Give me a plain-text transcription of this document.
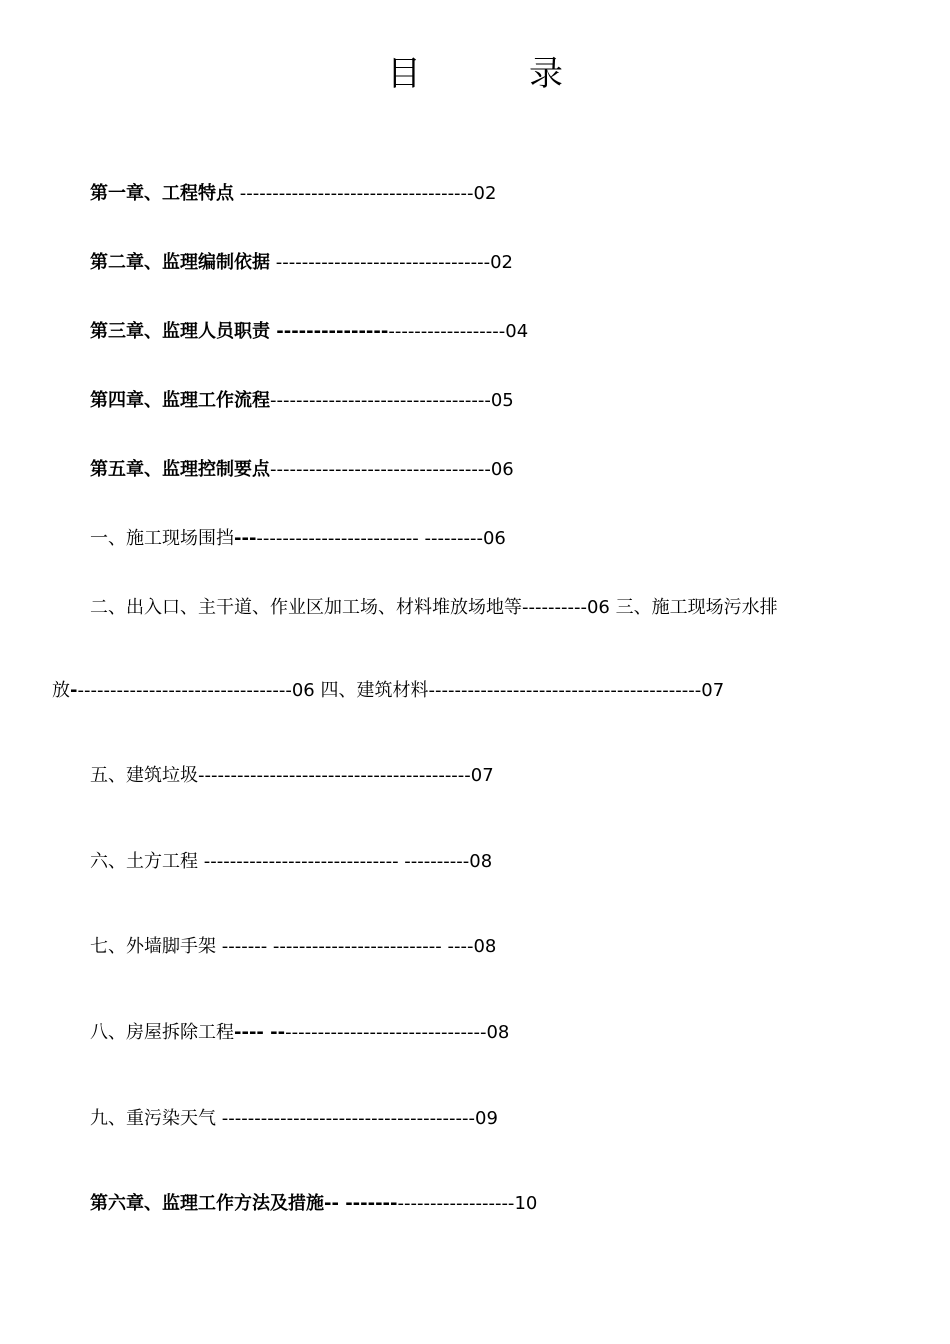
目	录
第一章、工程特点 ------------------------------------02
第二章、监理编制依据 ---------------------------------02
第三章、监理人员职责 ---------------------------------04
第四章、监理工作流程----------------------------------05
第五章、监理控制要点----------------------------------06
一、施工现场围挡---------------------------- ---------06
二、出入口、主干道、作业区加工场、材料堆放场地等----------06 三、施工现场污水排
放----------------------------------06 四、建筑材料------------------------------------------07
五、建筑垃圾------------------------------------------07
六、土方工程 ------------------------------ ----------08
七、外墙脚手架 ------- -------------------------- ----08
八、房屋拆除工程---- ---------------------------------08
九、重污染天气 ---------------------------------------09
第六章、监理工作方法及措施-- -------------------------10
